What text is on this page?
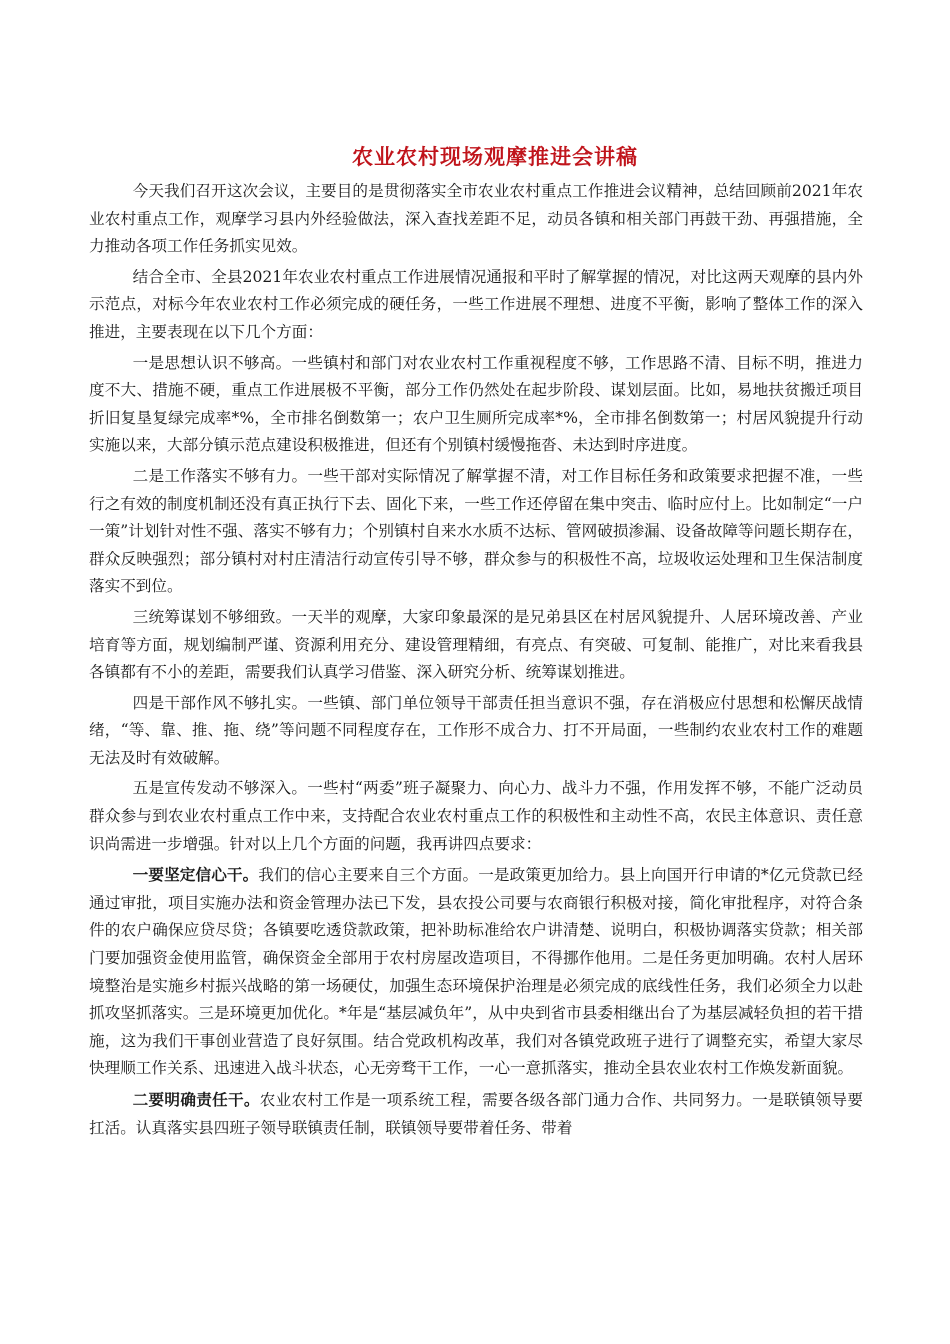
农业农村现场观摩推进会讲稿

今天我们召开这次会议，主要目的是贯彻落实全市农业农村重点工作推进会议精神，总结回顾前2021年农业农村重点工作，观摩学习县内外经验做法，深入查找差距不足，动员各镇和相关部门再鼓干劲、再强措施，全力推动各项工作任务抓实见效。

结合全市、全县2021年农业农村重点工作进展情况通报和平时了解掌握的情况，对比这两天观摩的县内外示范点，对标今年农业农村工作必须完成的硬任务，一些工作进展不理想、进度不平衡，影响了整体工作的深入推进，主要表现在以下几个方面：

一是思想认识不够高。一些镇村和部门对农业农村工作重视程度不够，工作思路不清、目标不明，推进力度不大、措施不硬，重点工作进展极不平衡，部分工作仍然处在起步阶段、谋划层面。比如，易地扶贫搬迁项目折旧复垦复绿完成率*%，全市排名倒数第一；农户卫生厕所完成率*%，全市排名倒数第一；村居风貌提升行动实施以来，大部分镇示范点建设积极推进，但还有个别镇村缓慢拖沓、未达到时序进度。

二是工作落实不够有力。一些干部对实际情况了解掌握不清，对工作目标任务和政策要求把握不准，一些行之有效的制度机制还没有真正执行下去、固化下来，一些工作还停留在集中突击、临时应付上。比如制定“一户一策”计划针对性不强、落实不够有力；个别镇村自来水水质不达标、管网破损渗漏、设备故障等问题长期存在，群众反映强烈；部分镇村对村庄清洁行动宣传引导不够，群众参与的积极性不高，垃圾收运处理和卫生保洁制度落实不到位。

三统筹谋划不够细致。一天半的观摩，大家印象最深的是兄弟县区在村居风貌提升、人居环境改善、产业培育等方面，规划编制严谨、资源利用充分、建设管理精细，有亮点、有突破、可复制、能推广，对比来看我县各镇都有不小的差距，需要我们认真学习借鉴、深入研究分析、统筹谋划推进。

四是干部作风不够扎实。一些镇、部门单位领导干部责任担当意识不强，存在消极应付思想和松懈厌战情绪，“等、靠、推、拖、绕”等问题不同程度存在，工作形不成合力、打不开局面，一些制约农业农村工作的难题无法及时有效破解。

五是宣传发动不够深入。一些村“两委”班子凝聚力、向心力、战斗力不强，作用发挥不够，不能广泛动员群众参与到农业农村重点工作中来，支持配合农业农村重点工作的积极性和主动性不高，农民主体意识、责任意识尚需进一步增强。针对以上几个方面的问题，我再讲四点要求：

一要坚定信心干。我们的信心主要来自三个方面。一是政策更加给力。县上向国开行申请的*亿元贷款已经通过审批，项目实施办法和资金管理办法已下发，县农投公司要与农商银行积极对接，简化审批程序，对符合条件的农户确保应贷尽贷；各镇要吃透贷款政策，把补助标准给农户讲清楚、说明白，积极协调落实贷款；相关部门要加强资金使用监管，确保资金全部用于农村房屋改造项目，不得挪作他用。二是任务更加明确。农村人居环境整治是实施乡村振兴战略的第一场硬仗，加强生态环境保护治理是必须完成的底线性任务，我们必须全力以赴抓攻坚抓落实。三是环境更加优化。*年是“基层减负年”，从中央到省市县委相继出台了为基层减轻负担的若干措施，这为我们干事创业营造了良好氛围。结合党政机构改革，我们对各镇党政班子进行了调整充实，希望大家尽快理顺工作关系、迅速进入战斗状态，心无旁骛干工作，一心一意抓落实，推动全县农业农村工作焕发新面貌。

二要明确责任干。农业农村工作是一项系统工程，需要各级各部门通力合作、共同努力。一是联镇领导要扛活。认真落实县四班子领导联镇责任制，联镇领导要带着任务、带着
